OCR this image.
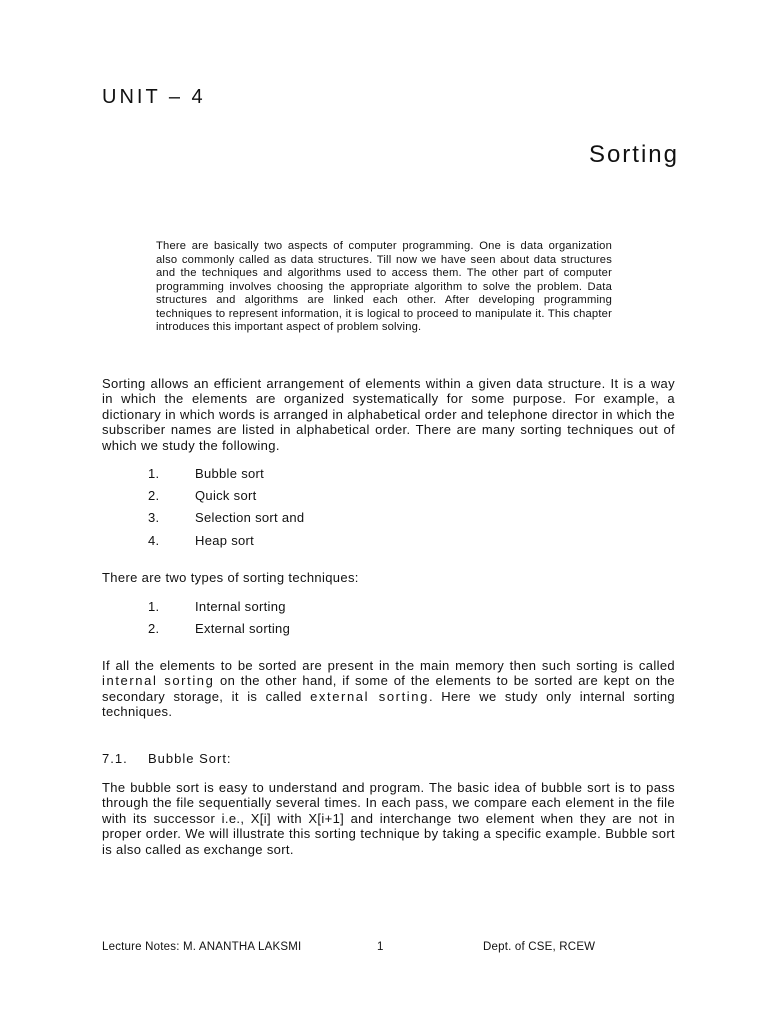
UNIT – 4
Sorting
There are basically two aspects of computer programming. One is data organization also commonly called as data structures. Till now we have seen about data structures and the techniques and algorithms used to access them. The other part of computer programming involves choosing the appropriate algorithm to solve the problem. Data structures and algorithms are linked each other. After developing programming techniques to represent information, it is logical to proceed to manipulate it. This chapter introduces this important aspect of problem solving.
Sorting allows an efficient arrangement of elements within a given data structure. It is a way in which the elements are organized systematically for some purpose. For example, a dictionary in which words is arranged in alphabetical order and telephone director in which the subscriber names are listed in alphabetical order. There are many sorting techniques out of which we study the following.
1.	Bubble sort
2.	Quick sort
3.	Selection sort and
4.	Heap sort
There are two types of sorting techniques:
1.	Internal sorting
2.	External sorting
If all the elements to be sorted are present in the main memory then such sorting is called internal sorting on the other hand, if some of the elements to be sorted are kept on the secondary storage, it is called external sorting. Here we study only internal sorting techniques.
7.1. Bubble Sort:
The bubble sort is easy to understand and program. The basic idea of bubble sort is to pass through the file sequentially several times. In each pass, we compare each element in the file with its successor i.e., X[i] with X[i+1] and interchange two element when they are not in proper order. We will illustrate this sorting technique by taking a specific example. Bubble sort is also called as exchange sort.
Lecture Notes: M. ANANTHA LAKSMI	1	Dept. of CSE, RCEW
